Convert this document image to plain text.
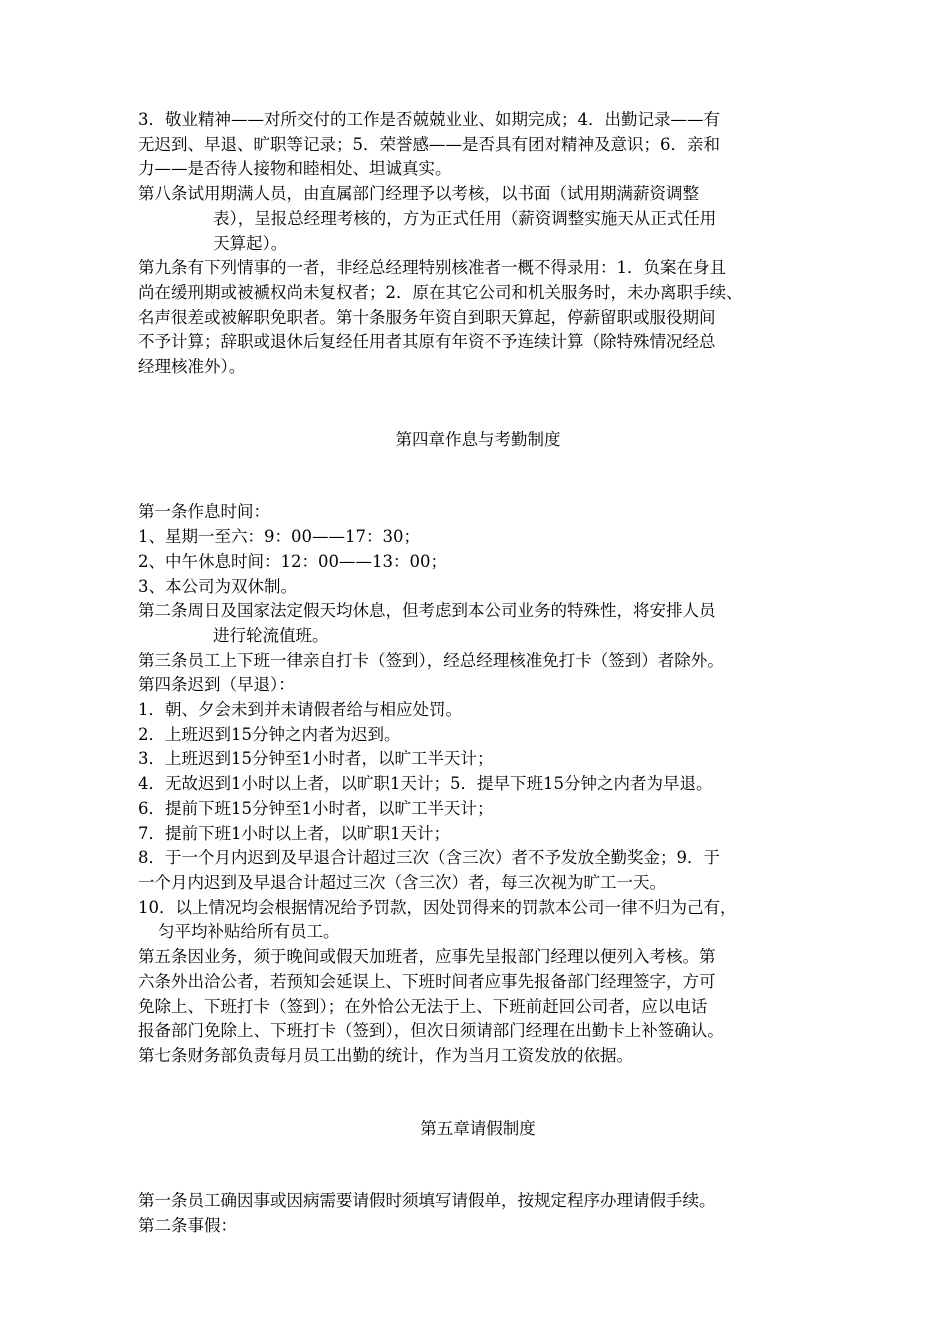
3．敬业精神——对所交付的工作是否兢兢业业、如期完成；4．出勤记录——有
无迟到、早退、旷职等记录；5．荣誉感——是否具有团对精神及意识；6．亲和
力——是否待人接物和睦相处、坦诚真实。

第八条试用期满人员，由直属部门经理予以考核，以书面（试用期满薪资调整
表），呈报总经理考核的，方为正式任用（薪资调整实施天从正式任用
天算起）。

第九条有下列情事的一者，非经总经理特别核准者一概不得录用：1．负案在身且
尚在缓刑期或被褫权尚未复权者；2．原在其它公司和机关服务时，未办离职手续、
名声很差或被解职免职者。第十条服务年资自到职天算起，停薪留职或服役期间
不予计算；辞职或退休后复经任用者其原有年资不予连续计算（除特殊情况经总
经理核准外）。

第四章作息与考勤制度

第一条作息时间：

1、星期一至六：9：00——17：30；

2、中午休息时间：12：00——13：00；

3、本公司为双休制。

第二条周日及国家法定假天均休息，但考虑到本公司业务的特殊性，将安排人员
进行轮流值班。

第三条员工上下班一律亲自打卡（签到），经总经理核准免打卡（签到）者除外。

第四条迟到（早退）：

1．朝、夕会未到并未请假者给与相应处罚。

2．上班迟到15分钟之内者为迟到。

3．上班迟到15分钟至1小时者，以旷工半天计；

4．无故迟到1小时以上者，以旷职1天计；5．提早下班15分钟之内者为早退。

6．提前下班15分钟至1小时者，以旷工半天计；

7．提前下班1小时以上者，以旷职1天计；

8．于一个月内迟到及早退合计超过三次（含三次）者不予发放全勤奖金；9．于
一个月内迟到及早退合计超过三次（含三次）者，每三次视为旷工一天。

10．以上情况均会根据情况给予罚款，因处罚得来的罚款本公司一律不归为己有，
匀平均补贴给所有员工。

第五条因业务，须于晚间或假天加班者，应事先呈报部门经理以便列入考核。第
六条外出洽公者，若预知会延误上、下班时间者应事先报备部门经理签字，方可
免除上、下班打卡（签到）；在外恰公无法于上、下班前赶回公司者，应以电话
报备部门免除上、下班打卡（签到），但次日须请部门经理在出勤卡上补签确认。
第七条财务部负责每月员工出勤的统计，作为当月工资发放的依据。

第五章请假制度

第一条员工确因事或因病需要请假时须填写请假单，按规定程序办理请假手续。

第二条事假：
